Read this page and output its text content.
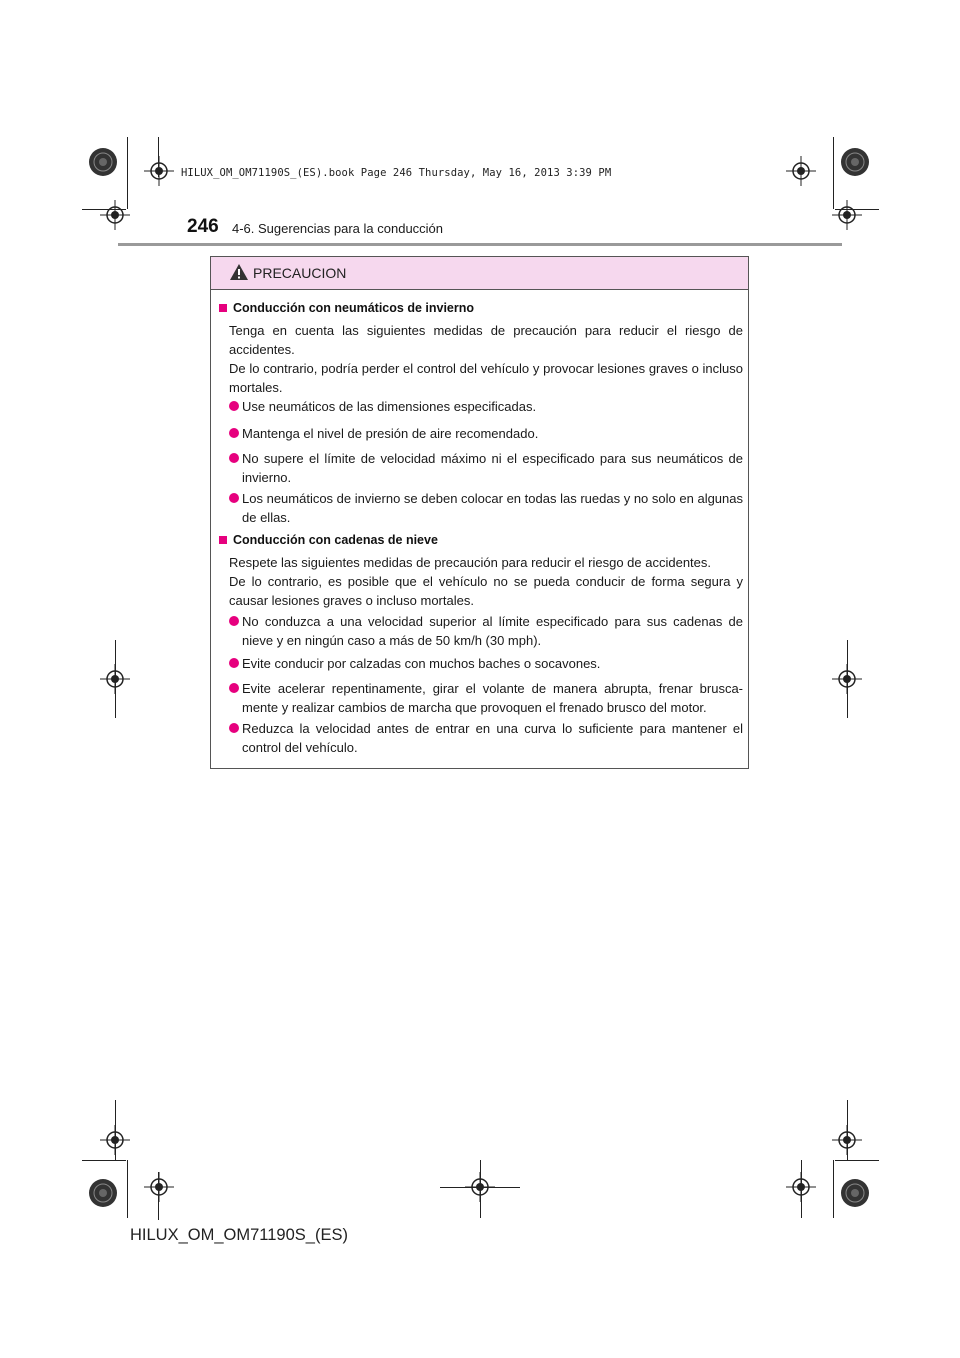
HILUX_OM_OM71190S_(ES).book Page 246 Thursday, May 16, 2013 3:39 PM
246 4-6. Sugerencias para la conducción
PRECAUCION
Conducción con neumáticos de invierno
Tenga en cuenta las siguientes medidas de precaución para reducir el riesgo de accidentes.
De lo contrario, podría perder el control del vehículo y provocar lesiones graves o incluso mortales.
Use neumáticos de las dimensiones especificadas.
Mantenga el nivel de presión de aire recomendado.
No supere el límite de velocidad máximo ni el especificado para sus neumáticos de invierno.
Los neumáticos de invierno se deben colocar en todas las ruedas y no solo en algunas de ellas.
Conducción con cadenas de nieve
Respete las siguientes medidas de precaución para reducir el riesgo de accidentes.
De lo contrario, es posible que el vehículo no se pueda conducir de forma segura y causar lesiones graves o incluso mortales.
No conduzca a una velocidad superior al límite especificado para sus cadenas de nieve y en ningún caso a más de 50 km/h (30 mph).
Evite conducir por calzadas con muchos baches o socavones.
Evite acelerar repentinamente, girar el volante de manera abrupta, frenar brusca-mente y realizar cambios de marcha que provoquen el frenado brusco del motor.
Reduzca la velocidad antes de entrar en una curva lo suficiente para mantener el control del vehículo.
HILUX_OM_OM71190S_(ES)
